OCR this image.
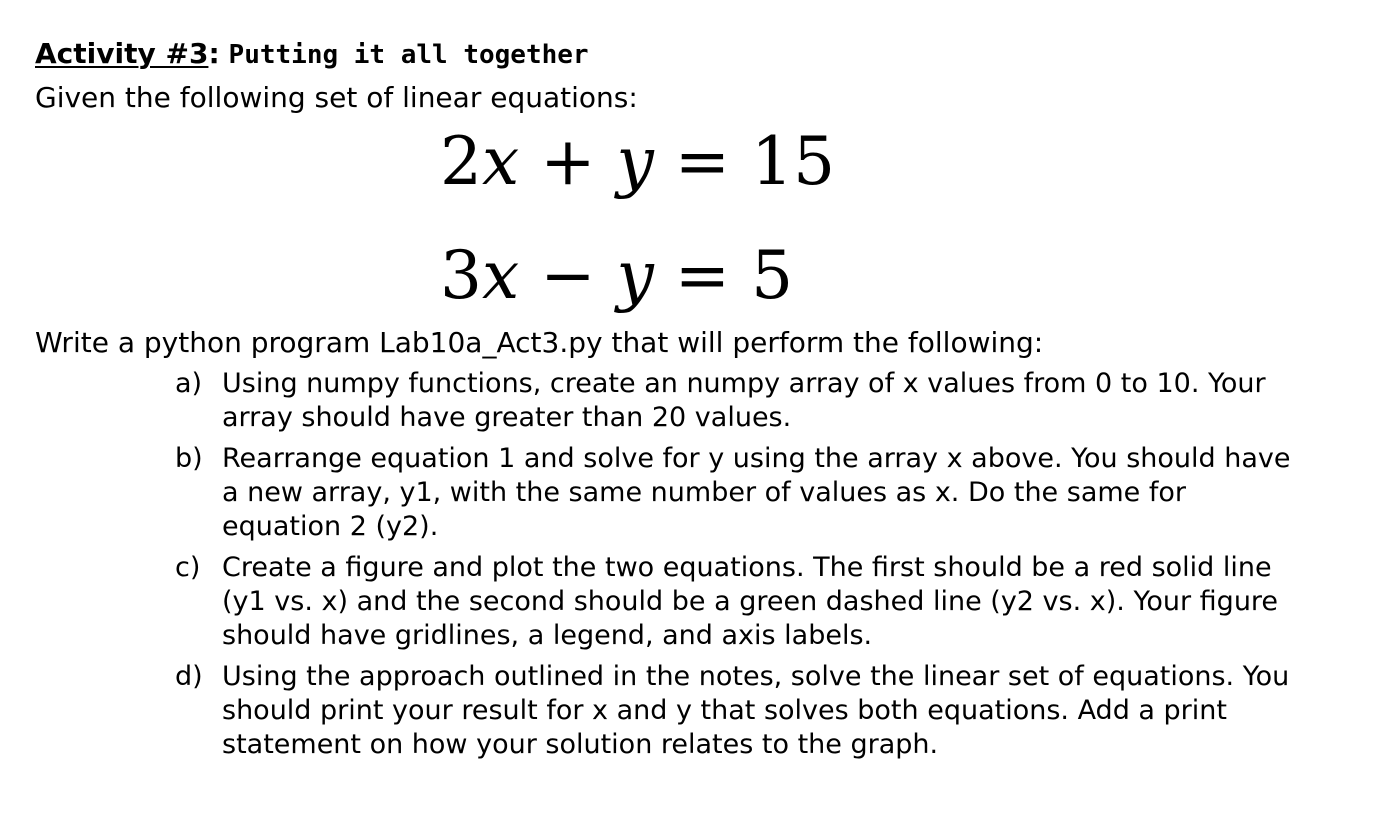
Activity #3: Putting it all together
Given the following set of linear equations:
2x + y = 15
3x − y = 5
Write a python program Lab10a_Act3.py that will perform the following:
a) Using numpy functions, create an numpy array of x values from 0 to 10. Your array should have greater than 20 values.
b) Rearrange equation 1 and solve for y using the array x above. You should have a new array, y1, with the same number of values as x. Do the same for equation 2 (y2).
c) Create a figure and plot the two equations. The first should be a red solid line (y1 vs. x) and the second should be a green dashed line (y2 vs. x). Your figure should have gridlines, a legend, and axis labels.
d) Using the approach outlined in the notes, solve the linear set of equations. You should print your result for x and y that solves both equations. Add a print statement on how your solution relates to the graph.
